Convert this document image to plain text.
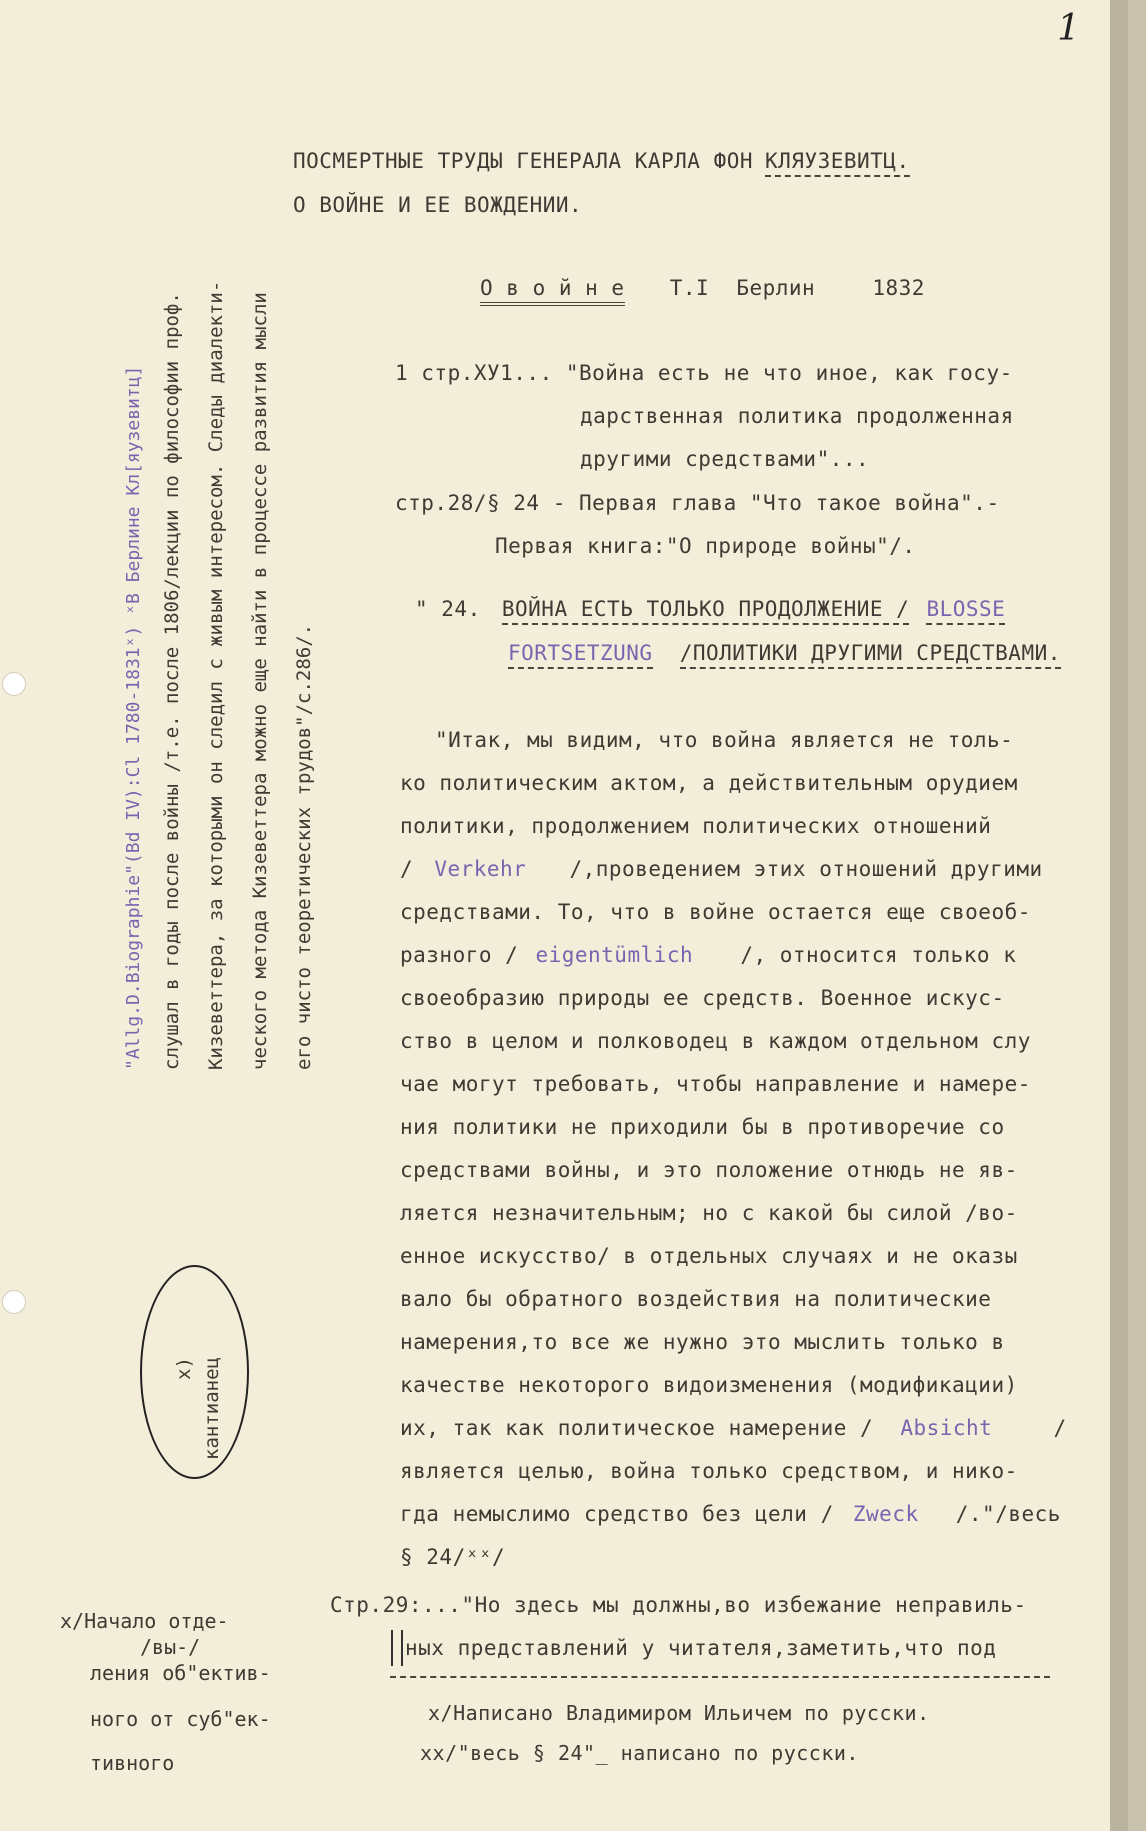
1
ПОСМЕРТНЫЕ ТРУДЫ ГЕНЕРАЛА КАРЛА ФОН КЛЯУЗЕВИТЦ.
О ВОЙНЕ И ЕЕ ВОЖДЕНИИ.
О в о й н е Т.I Берлин	1832
1 стр.ХУ1... "Война есть не что иное, как госу-
дарственная политика продолженная
другими средствами"...
стр.28/§ 24 - Первая глава "Что такое война".-
Первая книга:"О природе войны"/.
" 24. ВОЙНА ЕСТЬ ТОЛЬКО ПРОДОЛЖЕНИЕ / BLOSSE
FORTSETZUNG /ПОЛИТИКИ ДРУГИМИ СРЕДСТВАМИ.
"Итак, мы видим, что война является не толь-
ко политическим актом, а действительным орудием
политики, продолжением политических отношений
/ Verkehr /,проведением этих отношений другими
средствами. То, что в войне остается еще своеоб-
разного / eigentümlich /, относится только к
своеобразию природы ее средств. Военное искус-
ство в целом и полководец в каждом отдельном слу
чае могут требовать, чтобы направление и намере-
ния политики не приходили бы в противоречие со
средствами войны, и это положение отнюдь не яв-
ляется незначительным; но с какой бы силой /во-
енное искусство/ в отдельных случаях и не оказы
вало бы обратного воздействия на политические
намерения,то все же нужно это мыслить только в
качестве некоторого видоизменения (модификации)
их, так как политическое намерение / Absicht	/
является целью, война только средством, и нико-
гда немыслимо средство без цели / Zweck /."/весь
§ 24/ˣˣ/
Стр.29:..."Но здесь мы должны,во избежание неправиль-
ных представлений у читателя,заметить,что под
х/Написано Владимиром Ильичем по русски.
хх/"весь § 24"_ написано по русски.
х/Начало отде-
/вы-/
ления об"ектив-
ного от суб"ек-
тивного
"Allg.D.Biographie"(Bd IV):Cl 1780-1831ˣ) ˣВ Берлине Кл[яузевитц] слушал в годы после войны /т.е. после 1806/лекции по философии проф. Кизеветтера, за которыми он следил с живым интересом. Следы диалекти- ческого метода Кизеветтера можно еще найти в процессе развития мысли его чисто теоретических трудов"/с.286/.
х) кантианец
